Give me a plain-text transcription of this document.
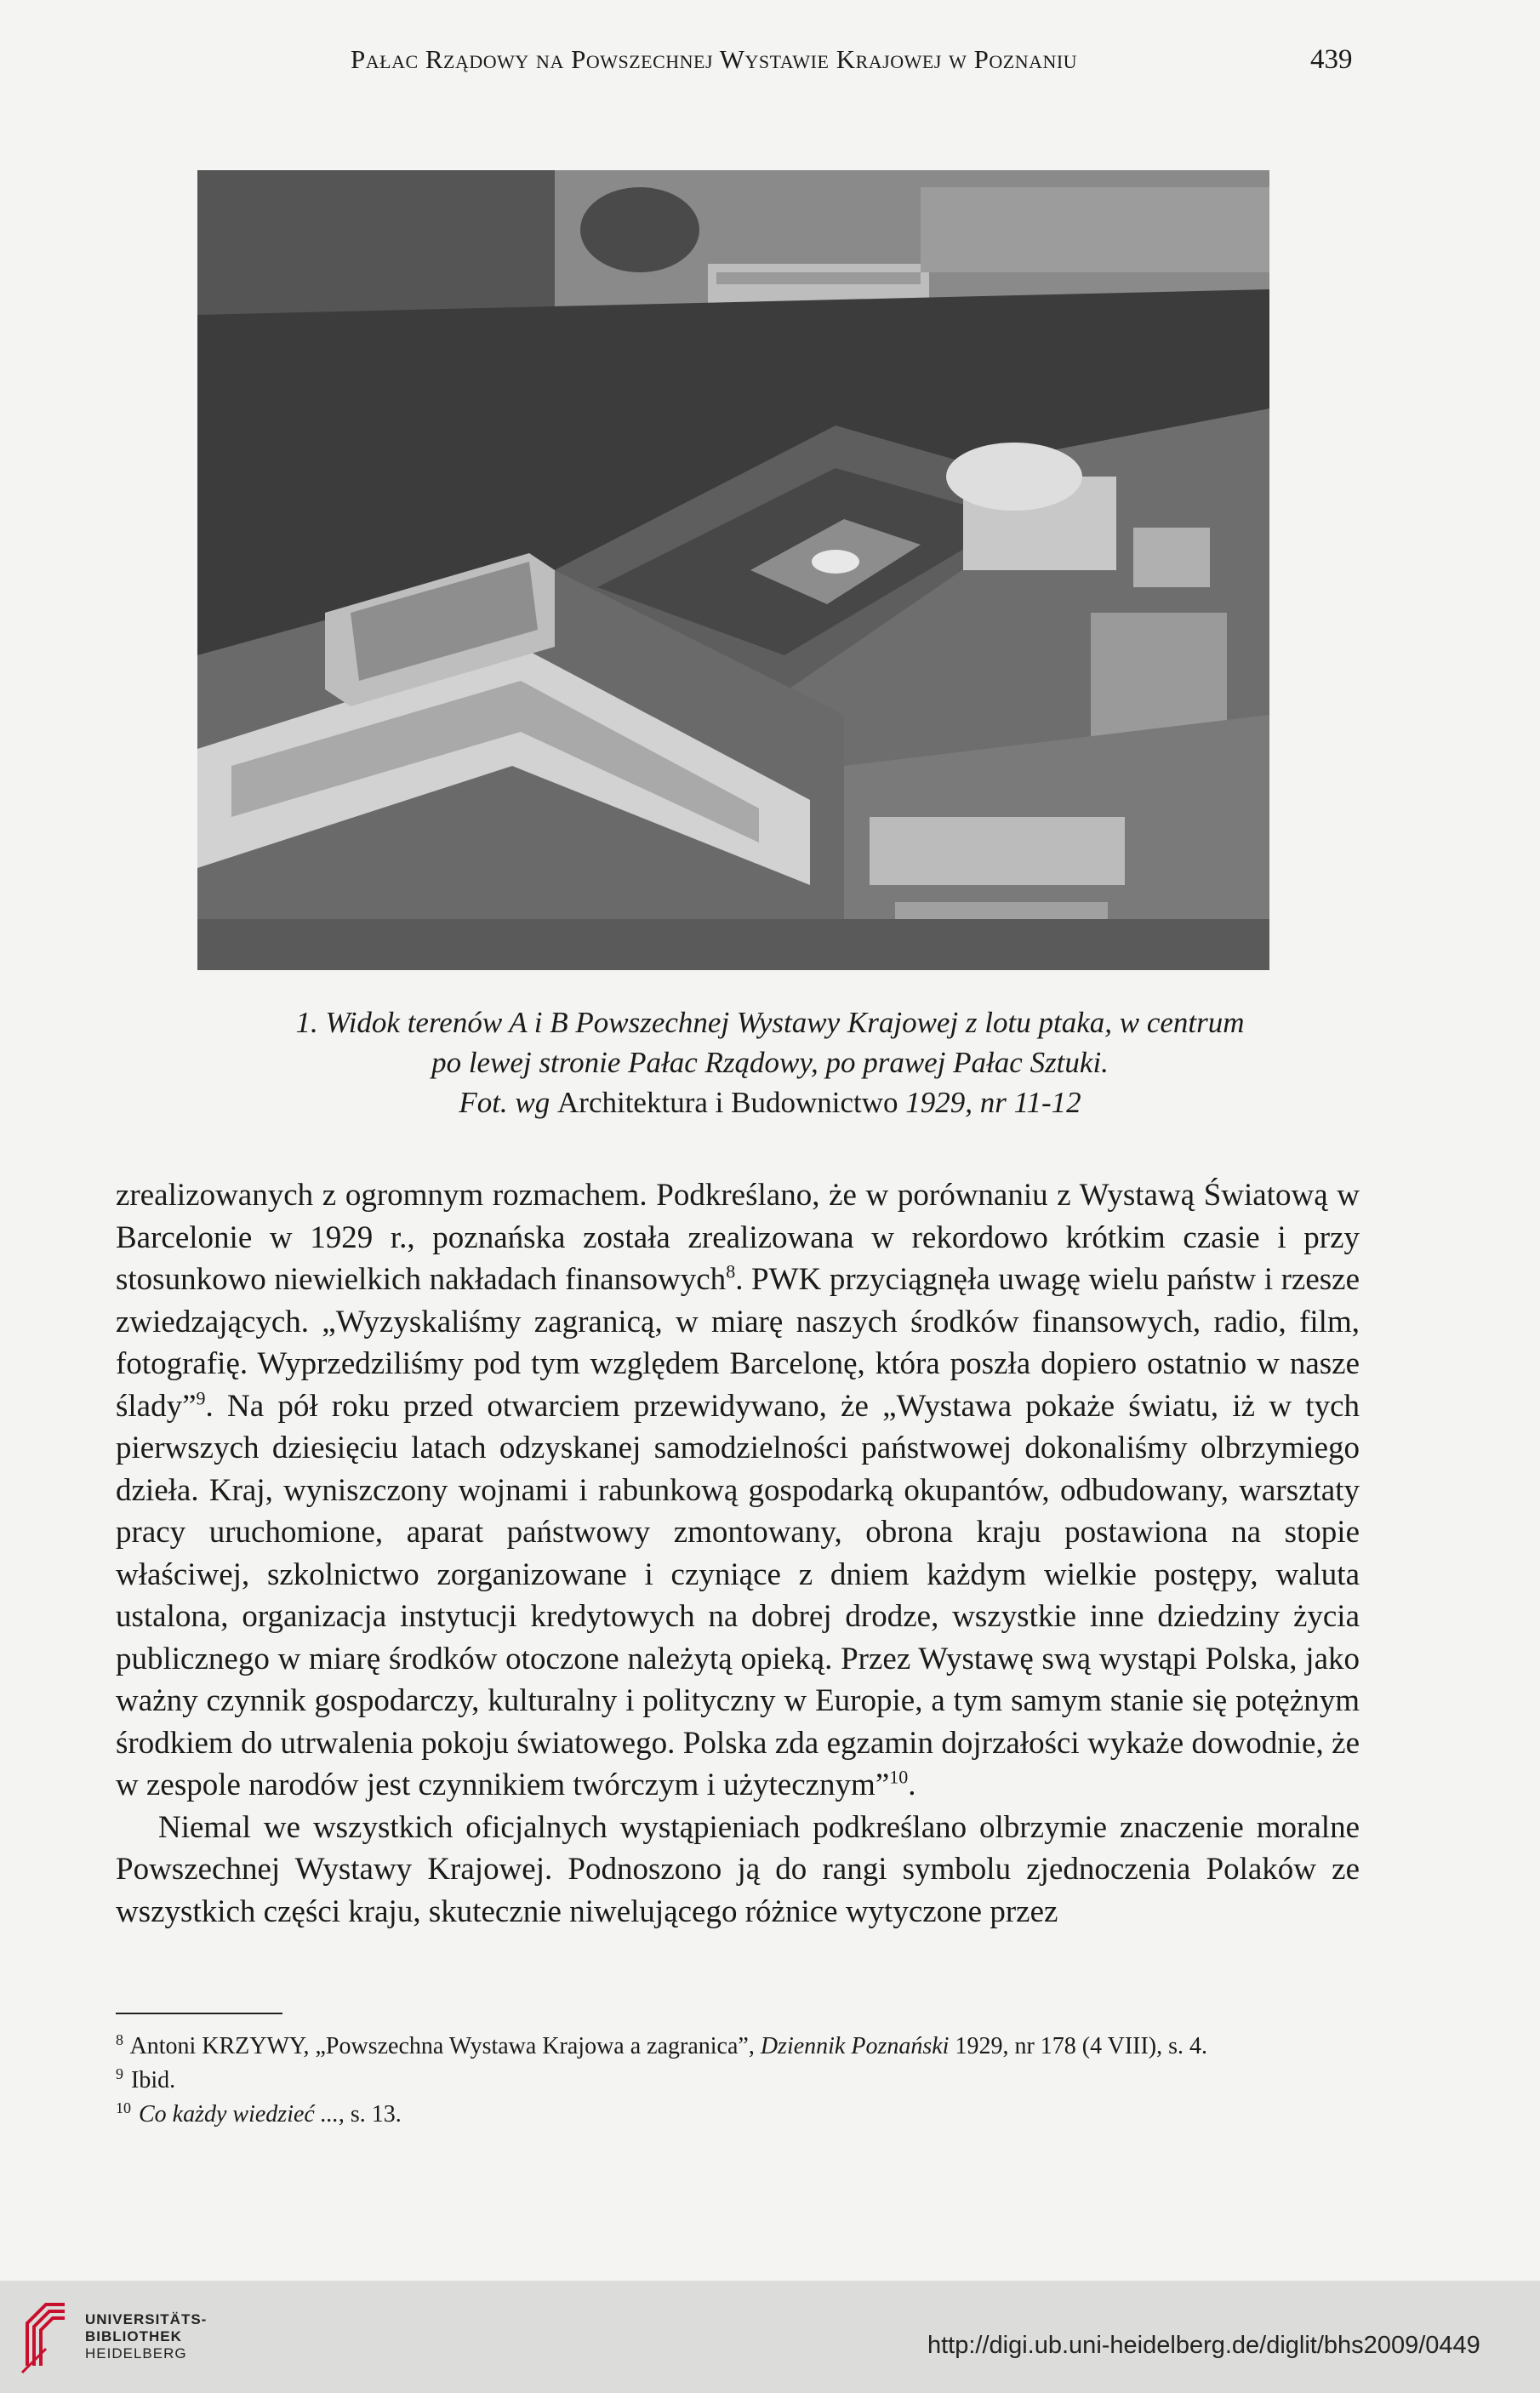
Pałac Rządowy na Powszechnej Wystawie Krajowej w Poznaniu	439
1. Widok terenów A i B Powszechnej Wystawy Krajowej z lotu ptaka, w centrum
po lewej stronie Pałac Rządowy, po prawej Pałac Sztuki.
Fot. wg Architektura i Budownictwo 1929, nr 11-12

zrealizowanych z ogromnym rozmachem. Podkreślano, że w porównaniu z Wystawą Światową w Barcelonie w 1929 r., poznańska została zrealizowana w rekordowo krótkim czasie i przy stosunkowo niewielkich nakładach finansowych$^8$. PWK przyciągnęła uwagę wielu państw i rzesze zwiedzających. „Wyzyskaliśmy zagranicą, w miarę naszych środków finansowych, radio, film, fotografię. Wyprzedziliśmy pod tym względem Barcelonę, która poszła dopiero ostatnio w nasze ślady”$^9$. Na pół roku przed otwarciem przewidywano, że „Wystawa pokaże światu, iż w tych pierwszych dziesięciu latach odzyskanej samodzielności państwowej dokonaliśmy olbrzymiego dzieła. Kraj, wyniszczony wojnami i rabunkową gospodarką okupantów, odbudowany, warsztaty pracy uruchomione, aparat państwowy zmontowany, obrona kraju postawiona na stopie właściwej, szkolnictwo zorganizowane i czyniące z dniem każdym wielkie postępy, waluta ustalona, organizacja instytucji kredytowych na dobrej drodze, wszystkie inne dziedziny życia publicznego w miarę środków otoczone należytą opieką. Przez Wystawę swą wystąpi Polska, jako ważny czynnik gospodarczy, kulturalny i polityczny w Europie, a tym samym stanie się potężnym środkiem do utrwalenia pokoju światowego. Polska zda egzamin dojrzałości wykaże dowodnie, że w zespole narodów jest czynnikiem twórczym i użytecznym”$^{10}$.

Niemal we wszystkich oficjalnych wystąpieniach podkreślano olbrzymie znaczenie moralne Powszechnej Wystawy Krajowej. Podnoszono ją do rangi symbolu zjednoczenia Polaków ze wszystkich części kraju, skutecznie niwelującego różnice wytyczone przez

$^8$ Antoni KRZYWY, „Powszechna Wystawa Krajowa a zagranica”, Dziennik Poznański 1929, nr 178 (4 VIII), s. 4.
$^9$ Ibid.
$^{10}$ Co każdy wiedzieć ..., s. 13.
UNIVERSITÄTS-
BIBLIOTHEK
HEIDELBERG	http://digi.ub.uni-heidelberg.de/diglit/bhs2009/0449
